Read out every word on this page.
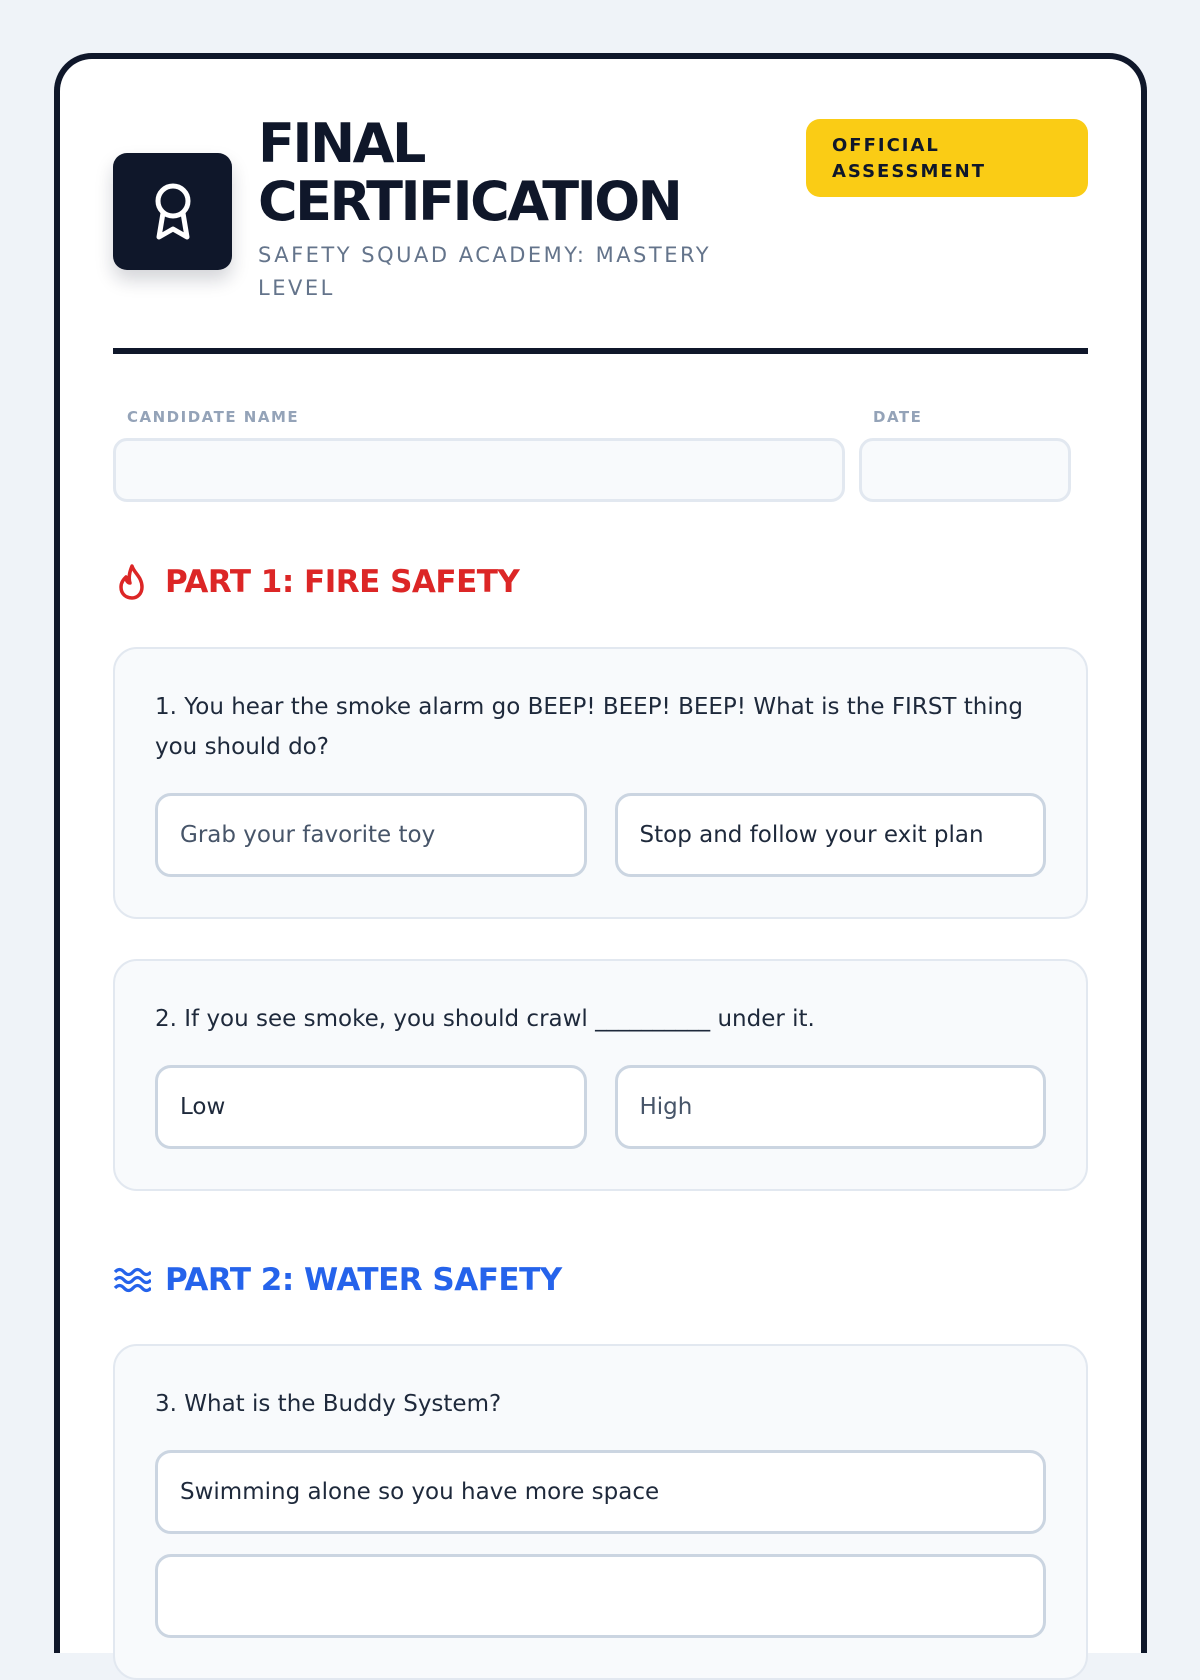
FINAL CERTIFICATION
SAFETY SQUAD ACADEMY: MASTERY LEVEL
OFFICIAL ASSESSMENT
CANDIDATE NAME	DATE
PART 1: FIRE SAFETY
1. You hear the smoke alarm go BEEP! BEEP! BEEP! What is the FIRST thing you should do?
Grab your favorite toy	Stop and follow your exit plan
2. If you see smoke, you should crawl __________ under it.
Low	High
PART 2: WATER SAFETY
3. What is the Buddy System?
Swimming alone so you have more space
